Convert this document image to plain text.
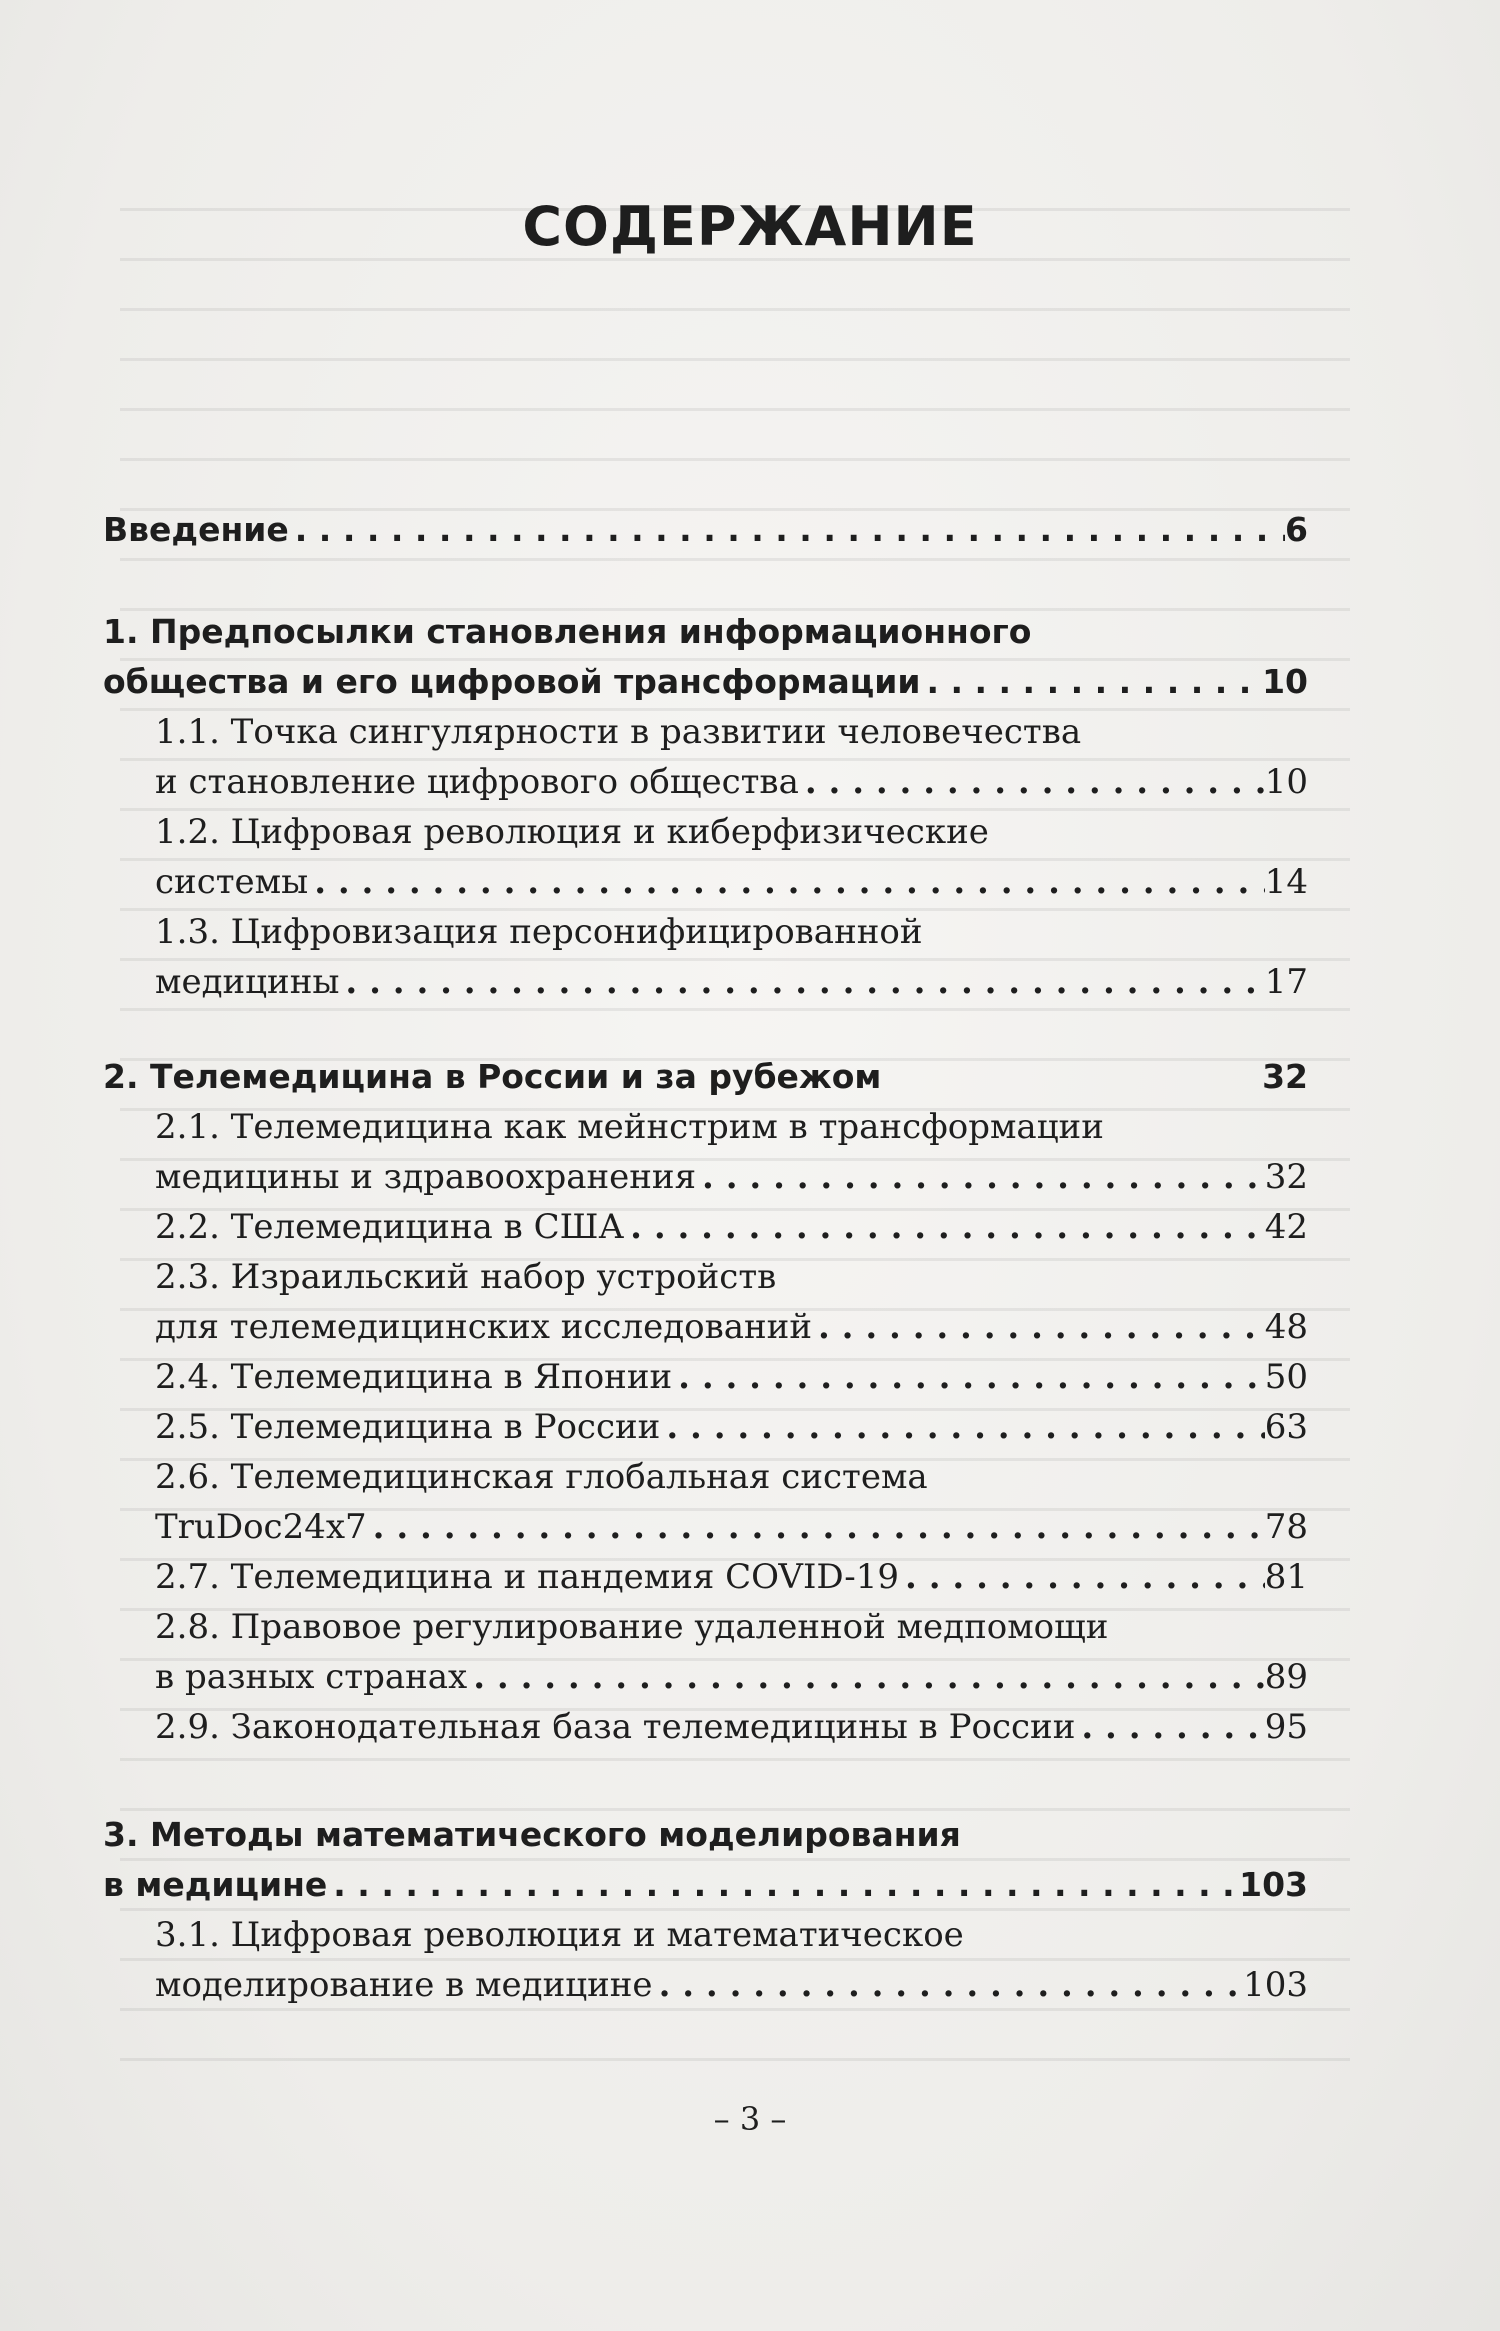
СОДЕРЖАНИЕ
Введение . . .	6
1. Предпосылки становления информационного
общества и его цифровой трансформации . . .	10
1.1. Точка сингулярности в развитии человечества
и становление цифрового общества . . .	10
1.2. Цифровая революция и киберфизические
системы . . .	14
1.3. Цифровизация персонифицированной
медицины . . .	17
2. Телемедицина в России и за рубежом	32
2.1. Телемедицина как мейнстрим в трансформации
медицины и здравоохранения . . .	32
2.2. Телемедицина в США . . .	42
2.3. Израильский набор устройств
для телемедицинских исследований . . .	48
2.4. Телемедицина в Японии . . .	50
2.5. Телемедицина в России . . .	63
2.6. Телемедицинская глобальная система
TruDoc24x7 . . .	78
2.7. Телемедицина и пандемия COVID-19 . . .	81
2.8. Правовое регулирование удаленной медпомощи
в разных странах . . .	89
2.9. Законодательная база телемедицины в России . . .	95
3. Методы математического моделирования
в медицине . . .	103
3.1. Цифровая революция и математическое
моделирование в медицине . . .	103
– 3 –
